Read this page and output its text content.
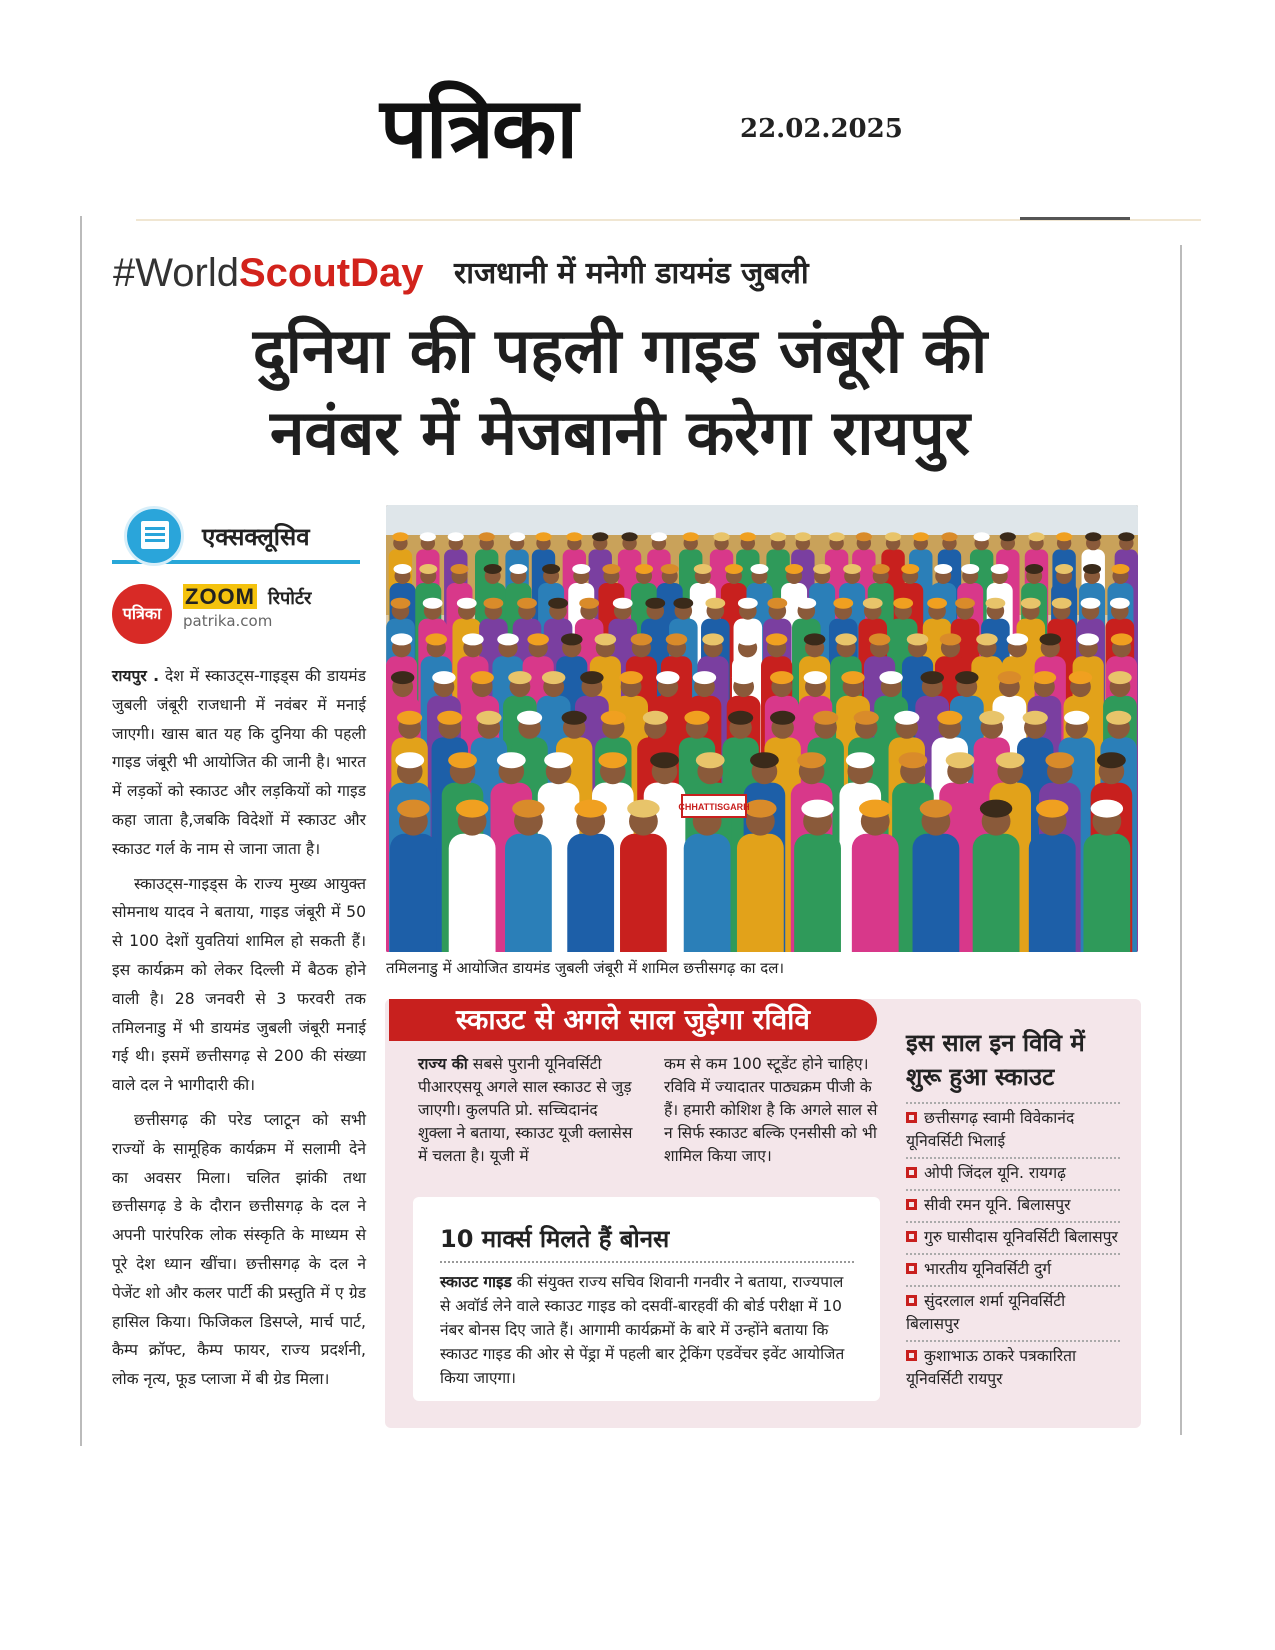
पत्रिका	22.02.2025
#WorldScoutDay राजधानी में मनेगी डायमंड जुबली
दुनिया की पहली गाइड जंबूरी की
नवंबर में मेजबानी करेगा रायपुर
एक्सक्लूसिव
पत्रिका
ZOOM रिपोर्टर
patrika.com

रायपुर . देश में स्काउट्स-गाइड्स की डायमंड जुबली जंबूरी राजधानी में नवंबर में मनाई जाएगी। खास बात यह कि दुनिया की पहली गाइड जंबूरी भी आयोजित की जानी है। भारत में लड़कों को स्काउट और लड़कियों को गाइड कहा जाता है,जबकि विदेशों में स्काउट और स्काउट गर्ल के नाम से जाना जाता है।

स्काउट्स-गाइड्स के राज्य मुख्य आयुक्त सोमनाथ यादव ने बताया, गाइड जंबूरी में 50 से 100 देशों युवतियां शामिल हो सकती हैं। इस कार्यक्रम को लेकर दिल्ली में बैठक होने वाली है। 28 जनवरी से 3 फरवरी तक तमिलनाडु में भी डायमंड जुबली जंबूरी मनाई गई थी। इसमें छत्तीसगढ़ से 200 की संख्या वाले दल ने भागीदारी की।

छत्तीसगढ़ की परेड प्लाटून को सभी राज्यों के सामूहिक कार्यक्रम में सलामी देने का अवसर मिला। चलित झांकी तथा छत्तीसगढ़ डे के दौरान छत्तीसगढ़ के दल ने अपनी पारंपरिक लोक संस्कृति के माध्यम से पूरे देश ध्यान खींचा। छत्तीसगढ़ के दल ने पेजेंट शो और कलर पार्टी की प्रस्तुति में ए ग्रेड हासिल किया। फिजिकल डिसप्ले, मार्च पार्ट, कैम्प क्रॉफ्ट, कैम्प फायर, राज्य प्रदर्शनी, लोक नृत्य, फूड प्लाजा में बी ग्रेड मिला।

CHHATTISGARH
तमिलनाडु में आयोजित डायमंड जुबली जंबूरी में शामिल छत्तीसगढ़ का दल।
स्काउट से अगले साल जुड़ेगा रविवि
राज्य की सबसे पुरानी यूनिवर्सिटी पीआरएसयू अगले साल स्काउट से जुड़ जाएगी। कुलपति प्रो. सच्चिदानंद शुक्ला ने बताया, स्काउट यूजी क्लासेस में चलता है। यूजी में
कम से कम 100 स्टूडेंट होने चाहिए। रविवि में ज्यादातर पाठ्यक्रम पीजी के हैं। हमारी कोशिश है कि अगले साल से न सिर्फ स्काउट बल्कि एनसीसी को भी शामिल किया जाए।
10 मार्क्स मिलते हैं बोनस
स्काउट गाइड की संयुक्त राज्य सचिव शिवानी गनवीर ने बताया, राज्यपाल से अवॉर्ड लेने वाले स्काउट गाइड को दसवीं-बारहवीं की बोर्ड परीक्षा में 10 नंबर बोनस दिए जाते हैं। आगामी कार्यक्रमों के बारे में उन्होंने बताया कि स्काउट गाइड की ओर से पेंड्रा में पहली बार ट्रेकिंग एडवेंचर इवेंट आयोजित किया जाएगा।
इस साल इन विवि में शुरू हुआ स्काउट
छत्तीसगढ़ स्वामी विवेकानंद यूनिवर्सिटी भिलाई
ओपी जिंदल यूनि. रायगढ़
सीवी रमन यूनि. बिलासपुर
गुरु घासीदास यूनिवर्सिटी बिलासपुर
भारतीय यूनिवर्सिटी दुर्ग
सुंदरलाल शर्मा यूनिवर्सिटी बिलासपुर
कुशाभाऊ ठाकरे पत्रकारिता यूनिवर्सिटी रायपुर
